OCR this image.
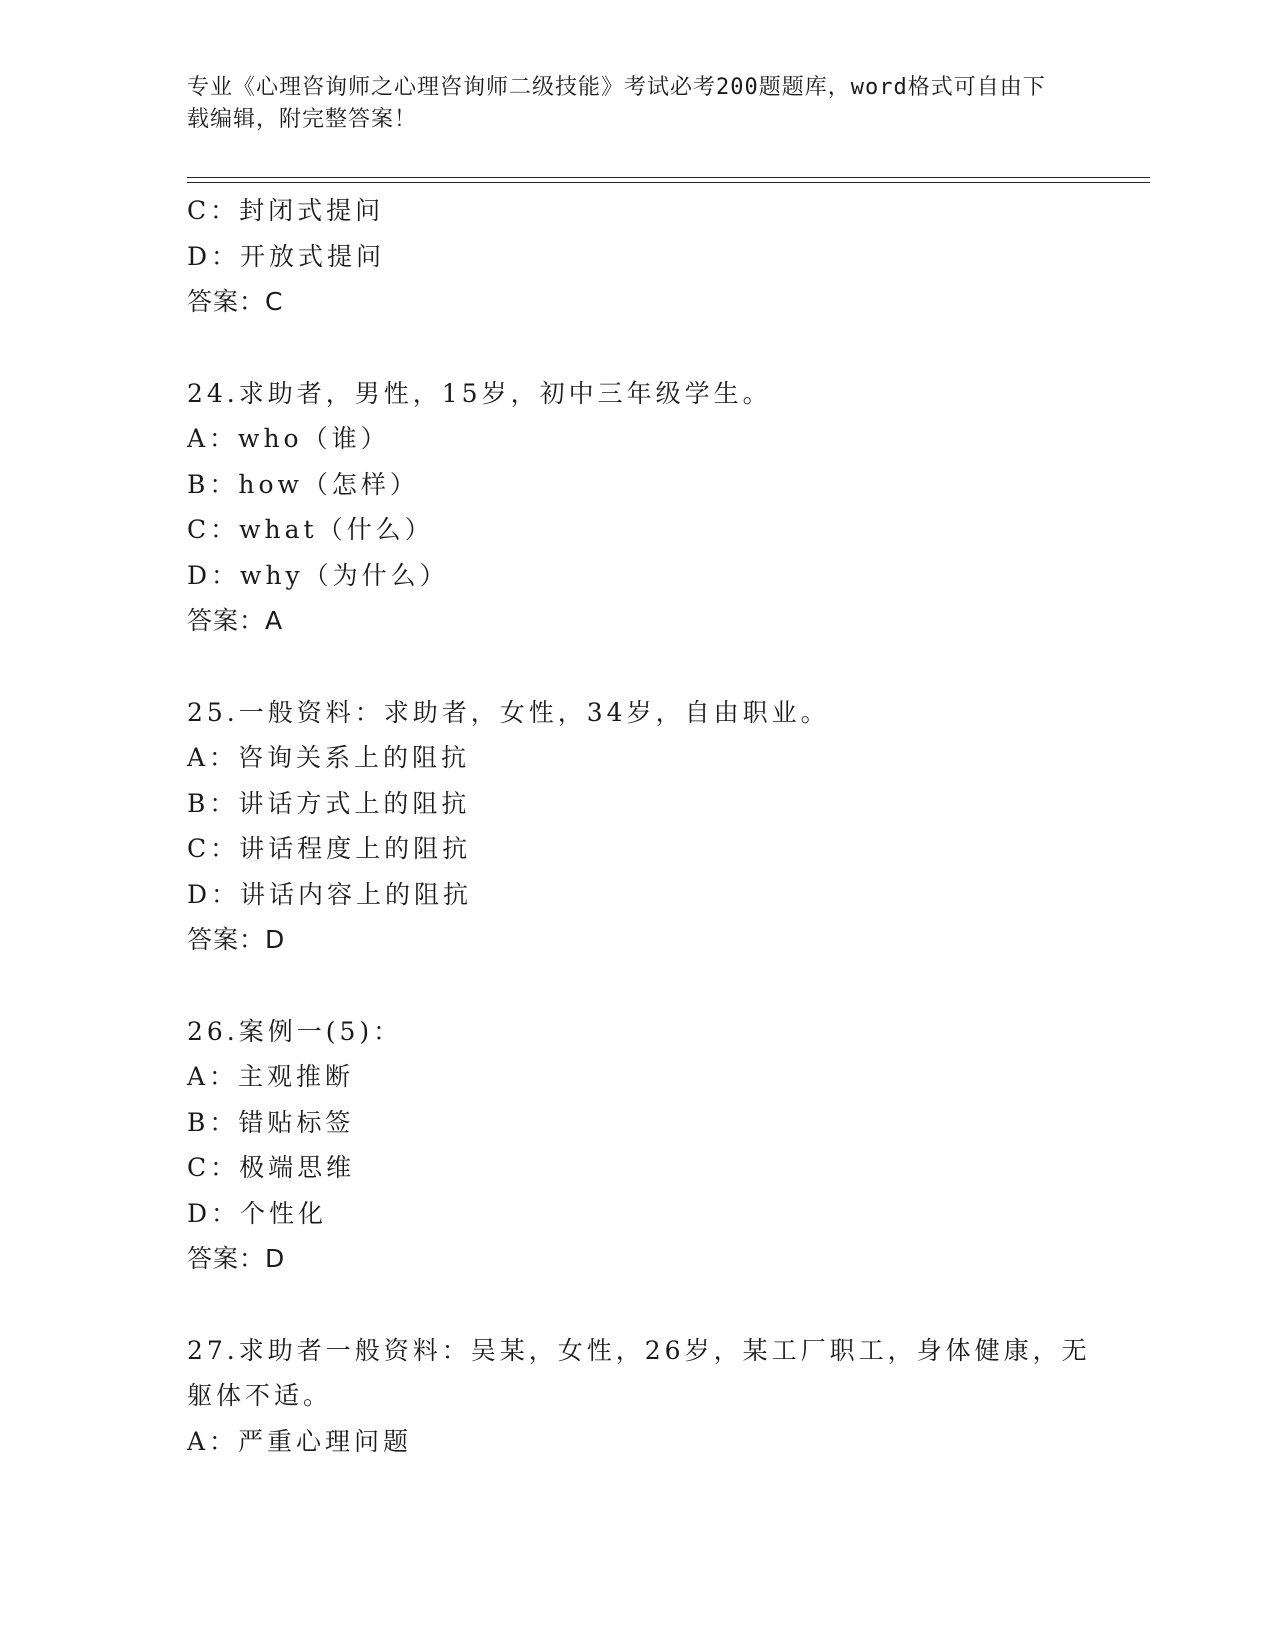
专业《心理咨询师之心理咨询师二级技能》考试必考200题题库，word格式可自由下载编辑，附完整答案！
C：封闭式提问
D：开放式提问
答案：C
24.求助者，男性，15岁，初中三年级学生。
A：who（谁）
B：how（怎样）
C：what（什么）
D：why（为什么）
答案：A
25.一般资料：求助者，女性，34岁，自由职业。
A：咨询关系上的阻抗
B：讲话方式上的阻抗
C：讲话程度上的阻抗
D：讲话内容上的阻抗
答案：D
26.案例一(5)：
A：主观推断
B：错贴标签
C：极端思维
D：个性化
答案：D
27.求助者一般资料：吴某，女性，26岁，某工厂职工，身体健康，无
躯体不适。
A：严重心理问题
